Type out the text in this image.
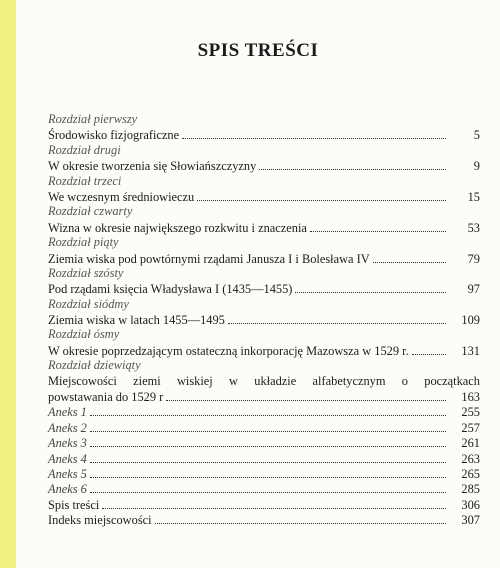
SPIS TREŚCI
Rozdział pierwszy
Środowisko fizjograficzne	5
Rozdział drugi
W okresie tworzenia się Słowiańszczyzny	9
Rozdział trzeci
We wczesnym średniowieczu	15
Rozdział czwarty
Wizna w okresie największego rozkwitu i znaczenia	53
Rozdział piąty
Ziemia wiska pod powtórnymi rządami Janusza I i Bolesława IV	79
Rozdział szósty
Pod rządami księcia Władysława I (1435—1455)	97
Rozdział siódmy
Ziemia wiska w latach 1455—1495	109
Rozdział ósmy
W okresie poprzedzającym ostateczną inkorporację Mazowsza w 1529 r.	131
Rozdział dziewiąty
Miejscowości ziemi wiskiej w układzie alfabetycznym o początkach
powstawania do 1529 r	163
Aneks 1	255
Aneks 2	257
Aneks 3	261
Aneks 4	263
Aneks 5	265
Aneks 6	285
Spis treści	306
Indeks miejscowości	307
